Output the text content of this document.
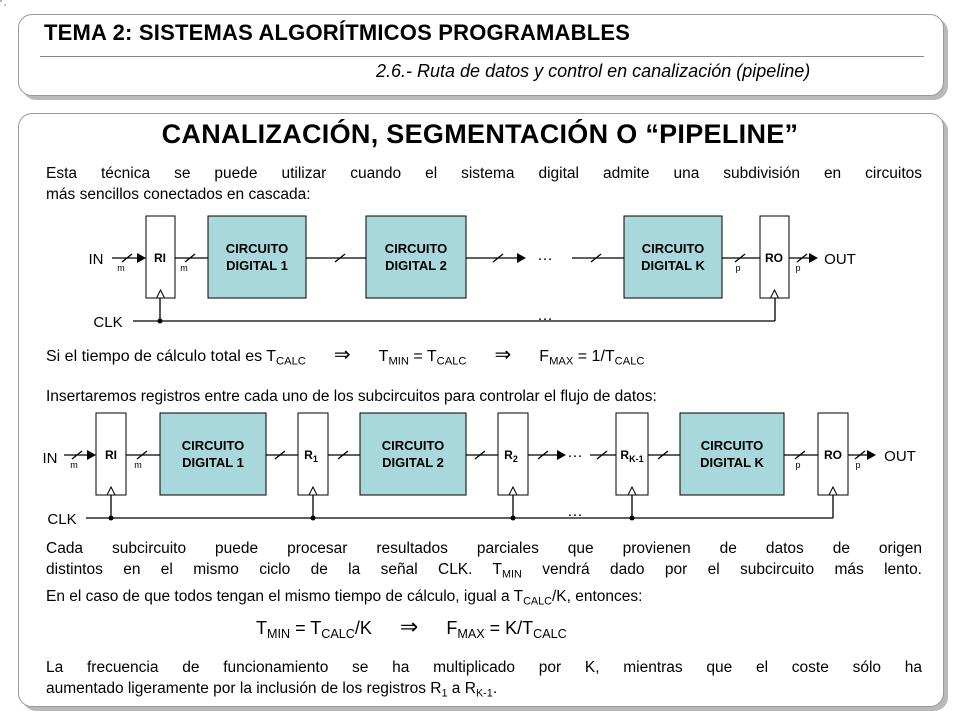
TEMA 2: SISTEMAS ALGORÍTMICOS PROGRAMABLES
2.6.- Ruta de datos y control en canalización (pipeline)
CANALIZACIÓN, SEGMENTACIÓN O “PIPELINE”
Esta técnica se puede utilizar cuando el sistema digital admite una subdivisión en circuitos
más sencillos conectados en cascada:
Si el tiempo de cálculo total es $T_{CALC}$ ⇒ $T_{MIN} = T_{CALC}$ ⇒ $F_{MAX} = 1/T_{CALC}$
Insertaremos registros entre cada uno de los subcircuitos para controlar el flujo de datos:
Cada subcircuito puede procesar resultados parciales que provienen de datos de origen
distintos en el mismo ciclo de la señal CLK. $T_{MIN}$ vendrá dado por el subcircuito más lento.
En el caso de que todos tengan el mismo tiempo de cálculo, igual a $T_{CALC}/K$, entonces:
$T_{MIN} = T_{CALC}/K$ ⇒ $F_{MAX} = K/T_{CALC}$
La frecuencia de funcionamiento se ha multiplicado por K, mientras que el coste sólo ha
aumentado ligeramente por la inclusión de los registros $R_1$ a $R_{K-1}$.
IN m
RI
m
CIRCUITO
DIGITAL 1
CIRCUITO
DIGITAL 2
…	CIRCUITO
DIGITAL K	p
RO
p OUT
CLK	…
IN m
RI
m
CIRCUITO
DIGITAL 1	$R_1$
CIRCUITO
DIGITAL 2	$R_2$	…	$R_{K-1}$
CIRCUITO
DIGITAL K	p
RO
p OUT
CLK	…
